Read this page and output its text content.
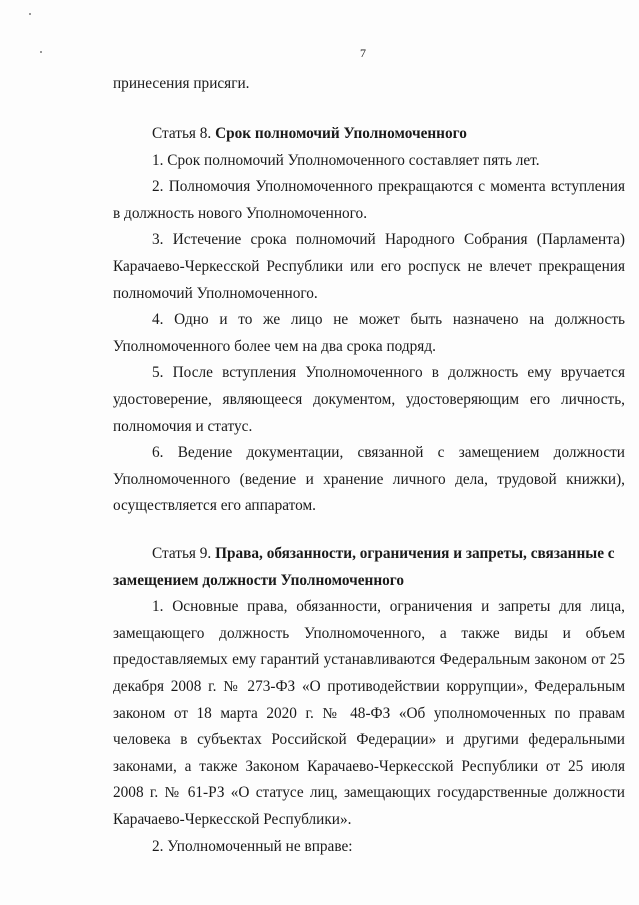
7

принесения присяги.

Статья 8. Срок полномочий Уполномоченного

1. Срок полномочий Уполномоченного составляет пять лет.

2. Полномочия Уполномоченного прекращаются с момента вступления в должность нового Уполномоченного.

3. Истечение срока полномочий Народного Собрания (Парламента) Карачаево-Черкесской Республики или его роспуск не влечет прекращения полномочий Уполномоченного.

4. Одно и то же лицо не может быть назначено на должность Уполномоченного более чем на два срока подряд.

5. После вступления Уполномоченного в должность ему вручается удостоверение, являющееся документом, удостоверяющим его личность, полномочия и статус.

6. Ведение документации, связанной с замещением должности Уполномоченного (ведение и хранение личного дела, трудовой книжки), осуществляется его аппаратом.

Статья 9. Права, обязанности, ограничения и запреты, связанные с замещением должности Уполномоченного

1. Основные права, обязанности, ограничения и запреты для лица, замещающего должность Уполномоченного, а также виды и объем предоставляемых ему гарантий устанавливаются Федеральным законом от 25 декабря 2008 г. № 273-ФЗ «О противодействии коррупции», Федеральным законом от 18 марта 2020 г. № 48-ФЗ «Об уполномоченных по правам человека в субъектах Российской Федерации» и другими федеральными законами, а также Законом Карачаево-Черкесской Республики от 25 июля 2008 г. № 61-РЗ «О статусе лиц, замещающих государственные должности Карачаево-Черкесской Республики».

2. Уполномоченный не вправе:
